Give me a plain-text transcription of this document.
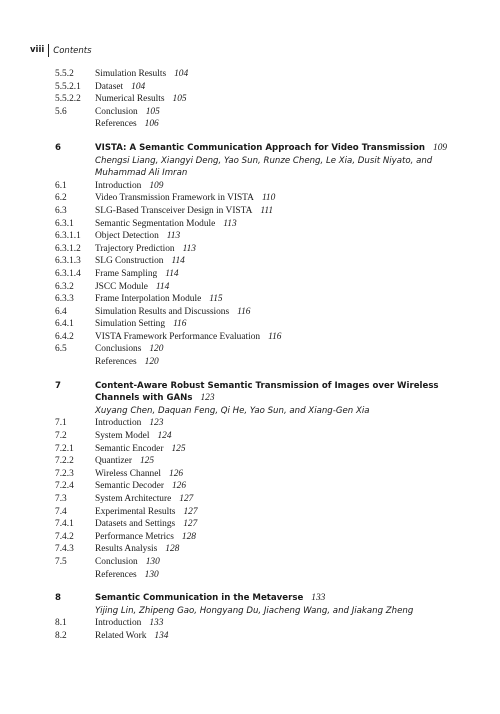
viii	Contents
5.5.2	Simulation Results 104
5.5.2.1	Dataset 104
5.5.2.2	Numerical Results 105
5.6	Conclusion 105
References 106
6	VISTA: A Semantic Communication Approach for Video Transmission 109
Chengsi Liang, Xiangyi Deng, Yao Sun, Runze Cheng, Le Xia, Dusit Niyato, and Muhammad Ali Imran
6.1	Introduction 109
6.2	Video Transmission Framework in VISTA 110
6.3	SLG-Based Transceiver Design in VISTA 111
6.3.1	Semantic Segmentation Module 113
6.3.1.1	Object Detection 113
6.3.1.2	Trajectory Prediction 113
6.3.1.3	SLG Construction 114
6.3.1.4	Frame Sampling 114
6.3.2	JSCC Module 114
6.3.3	Frame Interpolation Module 115
6.4	Simulation Results and Discussions 116
6.4.1	Simulation Setting 116
6.4.2	VISTA Framework Performance Evaluation 116
6.5	Conclusions 120
References 120
7	Content-Aware Robust Semantic Transmission of Images over Wireless Channels with GANs 123
Xuyang Chen, Daquan Feng, Qi He, Yao Sun, and Xiang-Gen Xia
7.1	Introduction 123
7.2	System Model 124
7.2.1	Semantic Encoder 125
7.2.2	Quantizer 125
7.2.3	Wireless Channel 126
7.2.4	Semantic Decoder 126
7.3	System Architecture 127
7.4	Experimental Results 127
7.4.1	Datasets and Settings 127
7.4.2	Performance Metrics 128
7.4.3	Results Analysis 128
7.5	Conclusion 130
References 130
8	Semantic Communication in the Metaverse 133
Yijing Lin, Zhipeng Gao, Hongyang Du, Jiacheng Wang, and Jiakang Zheng
8.1	Introduction 133
8.2	Related Work 134
